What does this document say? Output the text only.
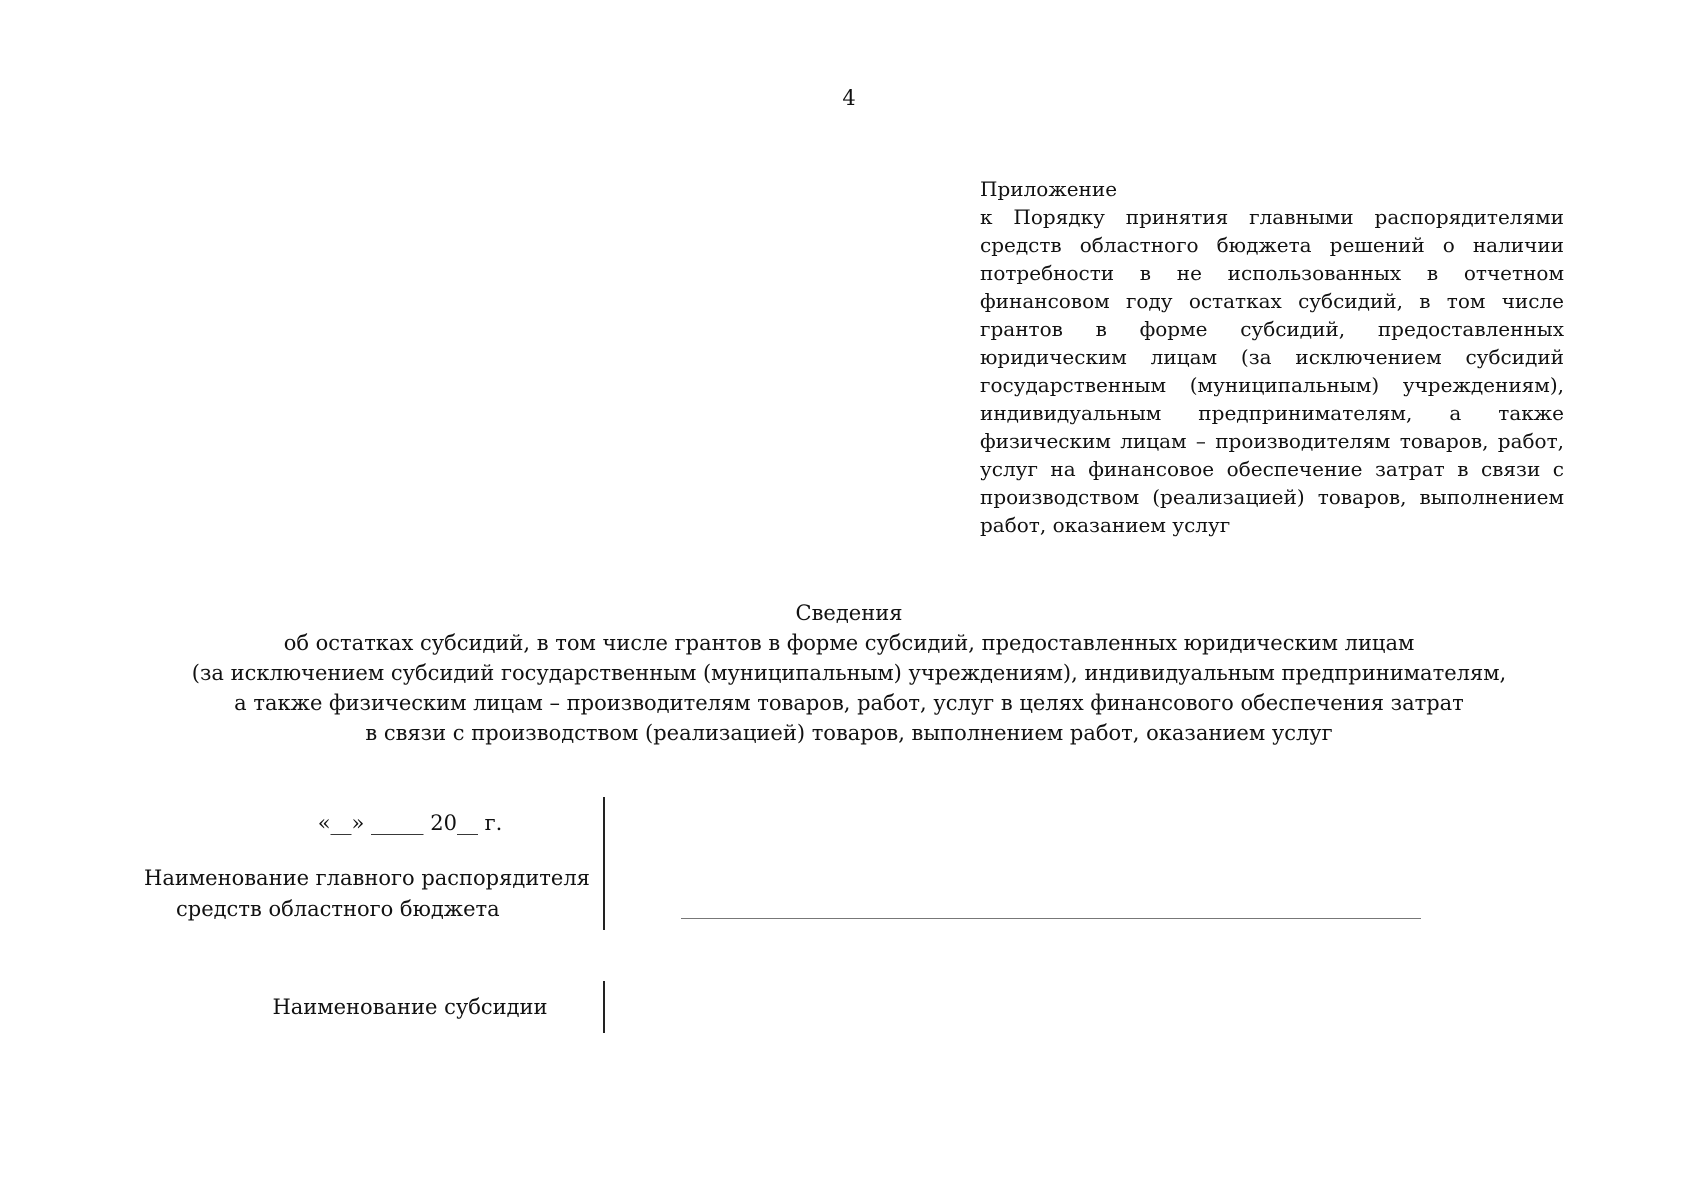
4
Приложение
к Порядку принятия главными распорядителями средств областного бюджета решений о наличии потребности в не использованных в отчетном финансовом году остатках субсидий, в том числе грантов в форме субсидий, предоставленных юридическим лицам (за исключением субсидий государственным (муниципальным) учреждениям), индивидуальным предпринимателям, а также физическим лицам – производителям товаров, работ, услуг на финансовое обеспечение затрат в связи с производством (реализацией) товаров, выполнением работ, оказанием услуг
Сведения
об остатках субсидий, в том числе грантов в форме субсидий, предоставленных юридическим лицам
(за исключением субсидий государственным (муниципальным) учреждениям), индивидуальным предпринимателям,
а также физическим лицам – производителям товаров, работ, услуг в целях финансового обеспечения затрат
в связи с производством (реализацией) товаров, выполнением работ, оказанием услуг
«__» _____ 20__ г.
Наименование главного распорядителя
средств областного бюджета
Наименование субсидии
